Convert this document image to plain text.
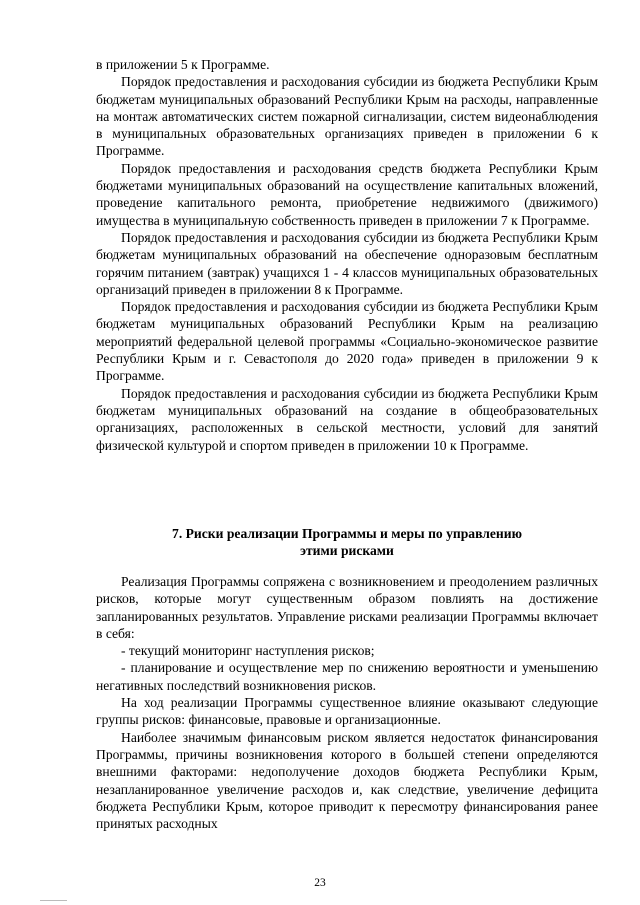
в приложении 5 к Программе.

Порядок предоставления и расходования субсидии из бюджета Республики Крым бюджетам муниципальных образований Республики Крым на расходы, направленные на монтаж автоматических систем пожарной сигнализации, систем видеонаблюдения в муниципальных образовательных организациях приведен в приложении 6 к Программе.

Порядок предоставления и расходования средств бюджета Республики Крым бюджетами муниципальных образований на осуществление капитальных вложений, проведение капитального ремонта, приобретение недвижимого (движимого) имущества в муниципальную собственность приведен в приложении 7 к Программе.

Порядок предоставления и расходования субсидии из бюджета Республики Крым бюджетам муниципальных образований на обеспечение одноразовым бесплатным горячим питанием (завтрак) учащихся 1 - 4 классов муниципальных образовательных организаций приведен в приложении 8 к Программе.

Порядок предоставления и расходования субсидии из бюджета Республики Крым бюджетам муниципальных образований Республики Крым на реализацию мероприятий федеральной целевой программы «Социально-экономическое развитие Республики Крым и г. Севастополя до 2020 года» приведен в приложении 9 к Программе.

Порядок предоставления и расходования субсидии из бюджета Республики Крым бюджетам муниципальных образований на создание в общеобразовательных организациях, расположенных в сельской местности, условий для занятий физической культурой и спортом приведен в приложении 10 к Программе.

7. Риски реализации Программы и меры по управлению
этими рисками

Реализация Программы сопряжена с возникновением и преодолением различных рисков, которые могут существенным образом повлиять на достижение запланированных результатов. Управление рисками реализации Программы включает в себя:

- текущий мониторинг наступления рисков;

- планирование и осуществление мер по снижению вероятности и уменьшению негативных последствий возникновения рисков.

На ход реализации Программы существенное влияние оказывают следующие группы рисков: финансовые, правовые и организационные.

Наиболее значимым финансовым риском является недостаток финансирования Программы, причины возникновения которого в большей степени определяются внешними факторами: недополучение доходов бюджета Республики Крым, незапланированное увеличение расходов и, как следствие, увеличение дефицита бюджета Республики Крым, которое приводит к пересмотру финансирования ранее принятых расходных

23
